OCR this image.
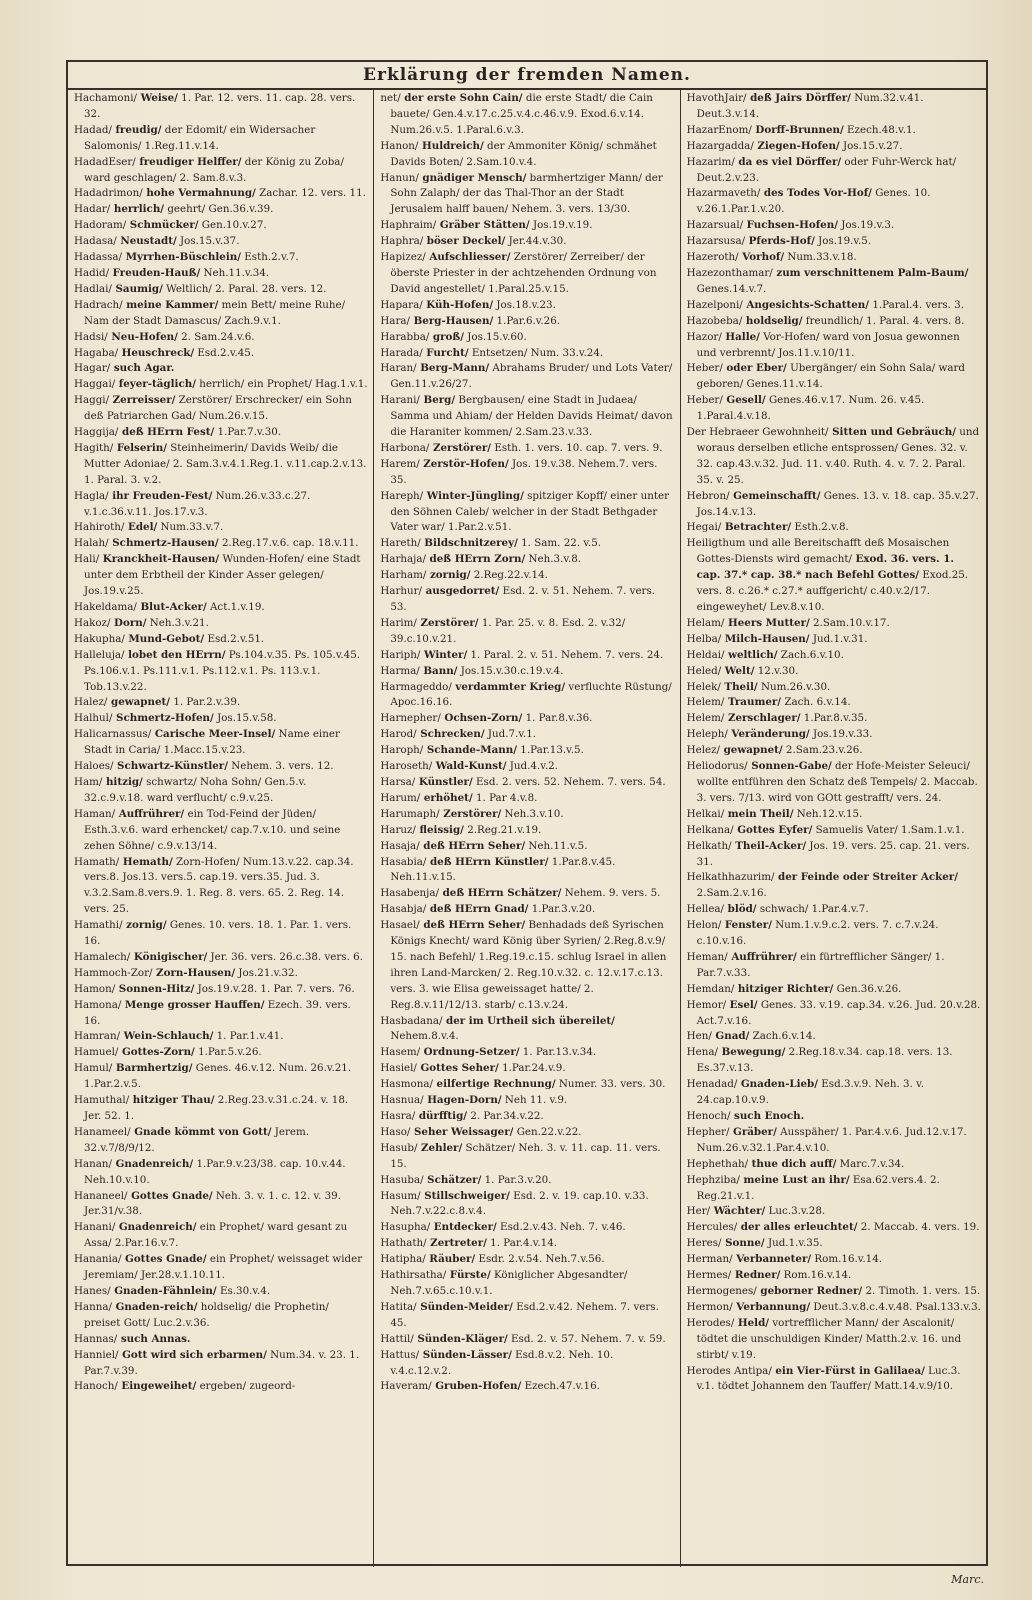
Erklärung der fremden Namen.

Hachamoni/ Weise/ 1. Par. 12. vers. 11. cap. 28. vers. 32.

Hadad/ freudig/ der Edomit/ ein Widersacher Salomonis/ 1.Reg.11.v.14.

HadadEser/ freudiger Helffer/ der König zu Zoba/ ward geschlagen/ 2. Sam.8.v.3.

Hadadrimon/ hohe Vermahnung/ Zachar. 12. vers. 11.

Hadar/ herrlich/ geehrt/ Gen.36.v.39.

Hadoram/ Schmücker/ Gen.10.v.27.

Hadasa/ Neustadt/ Jos.15.v.37.

Hadassa/ Myrrhen-Büschlein/ Esth.2.v.7.

Hadid/ Freuden-Hauß/ Neh.11.v.34.

Hadlai/ Saumig/ Weltlich/ 2. Paral. 28. vers. 12.

Hadrach/ meine Kammer/ mein Bett/ meine Ruhe/ Nam der Stadt Damascus/ Zach.9.v.1.

Hadsi/ Neu-Hofen/ 2. Sam.24.v.6.

Hagaba/ Heuschreck/ Esd.2.v.45.

Hagar/ such Agar.

Haggai/ feyer-täglich/ herrlich/ ein Prophet/ Hag.1.v.1.

Haggi/ Zerreisser/ Zerstörer/ Erschrecker/ ein Sohn deß Patriarchen Gad/ Num.26.v.15.

Haggija/ deß HErrn Fest/ 1.Par.7.v.30.

Hagith/ Felserin/ Steinheimerin/ Davids Weib/ die Mutter Adoniae/ 2. Sam.3.v.4.1.Reg.1. v.11.cap.2.v.13. 1. Paral. 3. v.2.

Hagla/ ihr Freuden-Fest/ Num.26.v.33.c.27. v.1.c.36.v.11. Jos.17.v.3.

Hahiroth/ Edel/ Num.33.v.7.

Halah/ Schmertz-Hausen/ 2.Reg.17.v.6. cap. 18.v.11.

Hali/ Kranckheit-Hausen/ Wunden-Hofen/ eine Stadt unter dem Erbtheil der Kinder Asser gelegen/ Jos.19.v.25.

Hakeldama/ Blut-Acker/ Act.1.v.19.

Hakoz/ Dorn/ Neh.3.v.21.

Hakupha/ Mund-Gebot/ Esd.2.v.51.

Halleluja/ lobet den HErrn/ Ps.104.v.35. Ps. 105.v.45. Ps.106.v.1. Ps.111.v.1. Ps.112.v.1. Ps. 113.v.1. Tob.13.v.22.

Halez/ gewapnet/ 1. Par.2.v.39.

Halhul/ Schmertz-Hofen/ Jos.15.v.58.

Halicarnassus/ Carische Meer-Insel/ Name einer Stadt in Caria/ 1.Macc.15.v.23.

Haloes/ Schwartz-Künstler/ Nehem. 3. vers. 12.

Ham/ hitzig/ schwartz/ Noha Sohn/ Gen.5.v. 32.c.9.v.18. ward verflucht/ c.9.v.25.

Haman/ Auffrührer/ ein Tod-Feind der Jüden/ Esth.3.v.6. ward erhencket/ cap.7.v.10. und seine zehen Söhne/ c.9.v.13/14.

Hamath/ Hemath/ Zorn-Hofen/ Num.13.v.22. cap.34. vers.8. Jos.13. vers.5. cap.19. vers.35. Jud. 3. v.3.2.Sam.8.vers.9. 1. Reg. 8. vers. 65. 2. Reg. 14. vers. 25.

Hamathi/ zornig/ Genes. 10. vers. 18. 1. Par. 1. vers. 16.

Hamalech/ Königischer/ Jer. 36. vers. 26.c.38. vers. 6.

Hammoch-Zor/ Zorn-Hausen/ Jos.21.v.32.

Hamon/ Sonnen-Hitz/ Jos.19.v.28. 1. Par. 7. vers. 76.

Hamona/ Menge grosser Hauffen/ Ezech. 39. vers. 16.

Hamran/ Wein-Schlauch/ 1. Par.1.v.41.

Hamuel/ Gottes-Zorn/ 1.Par.5.v.26.

Hamul/ Barmhertzig/ Genes. 46.v.12. Num. 26.v.21. 1.Par.2.v.5.

Hamuthal/ hitziger Thau/ 2.Reg.23.v.31.c.24. v. 18. Jer. 52. 1.

Hanameel/ Gnade kömmt von Gott/ Jerem. 32.v.7/8/9/12.

Hanan/ Gnadenreich/ 1.Par.9.v.23/38. cap. 10.v.44. Neh.10.v.10.

Hananeel/ Gottes Gnade/ Neh. 3. v. 1. c. 12. v. 39. Jer.31/v.38.

Hanani/ Gnadenreich/ ein Prophet/ ward gesant zu Assa/ 2.Par.16.v.7.

Hanania/ Gottes Gnade/ ein Prophet/ weissaget wider Jeremiam/ Jer.28.v.1.10.11.

Hanes/ Gnaden-Fähnlein/ Es.30.v.4.

Hanna/ Gnaden-reich/ holdselig/ die Prophetin/ preiset Gott/ Luc.2.v.36.

Hannas/ such Annas.

Hanniel/ Gott wird sich erbarmen/ Num.34. v. 23. 1. Par.7.v.39.

Hanoch/ Eingeweihet/ ergeben/ zugeord-

net/ der erste Sohn Cain/ die erste Stadt/ die Cain bauete/ Gen.4.v.17.c.25.v.4.c.46.v.9. Exod.6.v.14. Num.26.v.5. 1.Paral.6.v.3.

Hanon/ Huldreich/ der Ammoniter König/ schmähet Davids Boten/ 2.Sam.10.v.4.

Hanun/ gnädiger Mensch/ barmhertziger Mann/ der Sohn Zalaph/ der das Thal-Thor an der Stadt Jerusalem halff bauen/ Nehem. 3. vers. 13/30.

Haphraim/ Gräber Stätten/ Jos.19.v.19.

Haphra/ böser Deckel/ Jer.44.v.30.

Hapizez/ Aufschliesser/ Zerstörer/ Zerreiber/ der öberste Priester in der achtzehenden Ordnung von David angestellet/ 1.Paral.25.v.15.

Hapara/ Küh-Hofen/ Jos.18.v.23.

Hara/ Berg-Hausen/ 1.Par.6.v.26.

Harabba/ groß/ Jos.15.v.60.

Harada/ Furcht/ Entsetzen/ Num. 33.v.24.

Haran/ Berg-Mann/ Abrahams Bruder/ und Lots Vater/ Gen.11.v.26/27.

Harani/ Berg/ Bergbausen/ eine Stadt in Judaea/ Samma und Ahiam/ der Helden Davids Heimat/ davon die Haraniter kommen/ 2.Sam.23.v.33.

Harbona/ Zerstörer/ Esth. 1. vers. 10. cap. 7. vers. 9.

Harem/ Zerstör-Hofen/ Jos. 19.v.38. Nehem.7. vers. 35.

Hareph/ Winter-Jüngling/ spitziger Kopff/ einer unter den Söhnen Caleb/ welcher in der Stadt Bethgader Vater war/ 1.Par.2.v.51.

Hareth/ Bildschnitzerey/ 1. Sam. 22. v.5.

Harhaja/ deß HErrn Zorn/ Neh.3.v.8.

Harham/ zornig/ 2.Reg.22.v.14.

Harhur/ ausgedorret/ Esd. 2. v. 51. Nehem. 7. vers. 53.

Harim/ Zerstörer/ 1. Par. 25. v. 8. Esd. 2. v.32/ 39.c.10.v.21.

Hariph/ Winter/ 1. Paral. 2. v. 51. Nehem. 7. vers. 24.

Harma/ Bann/ Jos.15.v.30.c.19.v.4.

Harmageddo/ verdammter Krieg/ verfluchte Rüstung/ Apoc.16.16.

Harnepher/ Ochsen-Zorn/ 1. Par.8.v.36.

Harod/ Schrecken/ Jud.7.v.1.

Haroph/ Schande-Mann/ 1.Par.13.v.5.

Haroseth/ Wald-Kunst/ Jud.4.v.2.

Harsa/ Künstler/ Esd. 2. vers. 52. Nehem. 7. vers. 54.

Harum/ erhöhet/ 1. Par 4.v.8.

Harumaph/ Zerstörer/ Neh.3.v.10.

Haruz/ fleissig/ 2.Reg.21.v.19.

Hasaja/ deß HErrn Seher/ Neh.11.v.5.

Hasabia/ deß HErrn Künstler/ 1.Par.8.v.45. Neh.11.v.15.

Hasabenja/ deß HErrn Schätzer/ Nehem. 9. vers. 5.

Hasabja/ deß HErrn Gnad/ 1.Par.3.v.20.

Hasael/ deß HErrn Seher/ Benhadads deß Syrischen Königs Knecht/ ward König über Syrien/ 2.Reg.8.v.9/ 15. nach Befehl/ 1.Reg.19.c.15. schlug Israel in allen ihren Land-Marcken/ 2. Reg.10.v.32. c. 12.v.17.c.13. vers. 3. wie Elisa geweissaget hatte/ 2. Reg.8.v.11/12/13. starb/ c.13.v.24.

Hasbadana/ der im Urtheil sich übereilet/ Nehem.8.v.4.

Hasem/ Ordnung-Setzer/ 1. Par.13.v.34.

Hasiel/ Gottes Seher/ 1.Par.24.v.9.

Hasmona/ eilfertige Rechnung/ Numer. 33. vers. 30.

Hasnua/ Hagen-Dorn/ Neh 11. v.9.

Hasra/ dürfftig/ 2. Par.34.v.22.

Haso/ Seher Weissager/ Gen.22.v.22.

Hasub/ Zehler/ Schätzer/ Neh. 3. v. 11. cap. 11. vers. 15.

Hasuba/ Schätzer/ 1. Par.3.v.20.

Hasum/ Stillschweiger/ Esd. 2. v. 19. cap.10. v.33. Neh.7.v.22.c.8.v.4.

Hasupha/ Entdecker/ Esd.2.v.43. Neh. 7. v.46.

Hathath/ Zertreter/ 1. Par.4.v.14.

Hatipha/ Räuber/ Esdr. 2.v.54. Neh.7.v.56.

Hathirsatha/ Fürste/ Königlicher Abgesandter/ Neh.7.v.65.c.10.v.1.

Hatita/ Sünden-Meider/ Esd.2.v.42. Nehem. 7. vers. 45.

Hattil/ Sünden-Kläger/ Esd. 2. v. 57. Nehem. 7. v. 59.

Hattus/ Sünden-Lässer/ Esd.8.v.2. Neh. 10. v.4.c.12.v.2.

Haveram/ Gruben-Hofen/ Ezech.47.v.16.

HavothJair/ deß Jairs Dörffer/ Num.32.v.41. Deut.3.v.14.

HazarEnom/ Dorff-Brunnen/ Ezech.48.v.1.

Hazargadda/ Ziegen-Hofen/ Jos.15.v.27.

Hazarim/ da es viel Dörffer/ oder Fuhr-Werck hat/ Deut.2.v.23.

Hazarmaveth/ des Todes Vor-Hof/ Genes. 10. v.26.1.Par.1.v.20.

Hazarsual/ Fuchsen-Hofen/ Jos.19.v.3.

Hazarsusa/ Pferds-Hof/ Jos.19.v.5.

Hazeroth/ Vorhof/ Num.33.v.18.

Hazezonthamar/ zum verschnittenem Palm-Baum/ Genes.14.v.7.

Hazelponi/ Angesichts-Schatten/ 1.Paral.4. vers. 3.

Hazobeba/ holdselig/ freundlich/ 1. Paral. 4. vers. 8.

Hazor/ Halle/ Vor-Hofen/ ward von Josua gewonnen und verbrennt/ Jos.11.v.10/11.

Heber/ oder Eber/ Ubergänger/ ein Sohn Sala/ ward geboren/ Genes.11.v.14.

Heber/ Gesell/ Genes.46.v.17. Num. 26. v.45. 1.Paral.4.v.18.

Der Hebraeer Gewohnheit/ Sitten und Gebräuch/ und woraus derselben etliche entsprossen/ Genes. 32. v. 32. cap.43.v.32. Jud. 11. v.40. Ruth. 4. v. 7. 2. Paral. 35. v. 25.

Hebron/ Gemeinschafft/ Genes. 13. v. 18. cap. 35.v.27. Jos.14.v.13.

Hegai/ Betrachter/ Esth.2.v.8.

Heiligthum und alle Bereitschafft deß Mosaischen Gottes-Diensts wird gemacht/ Exod. 36. vers. 1. cap. 37.* cap. 38.* nach Befehl Gottes/ Exod.25. vers. 8. c.26.* c.27.* auffgericht/ c.40.v.2/17. eingeweyhet/ Lev.8.v.10.

Helam/ Heers Mutter/ 2.Sam.10.v.17.

Helba/ Milch-Hausen/ Jud.1.v.31.

Heldai/ weltlich/ Zach.6.v.10.

Heled/ Welt/ 12.v.30.

Helek/ Theil/ Num.26.v.30.

Helem/ Traumer/ Zach. 6.v.14.

Helem/ Zerschlager/ 1.Par.8.v.35.

Heleph/ Veränderung/ Jos.19.v.33.

Helez/ gewapnet/ 2.Sam.23.v.26.

Heliodorus/ Sonnen-Gabe/ der Hofe-Meister Seleuci/ wollte entführen den Schatz deß Tempels/ 2. Maccab. 3. vers. 7/13. wird von GOtt gestrafft/ vers. 24.

Helkai/ mein Theil/ Neh.12.v.15.

Helkana/ Gottes Eyfer/ Samuelis Vater/ 1.Sam.1.v.1.

Helkath/ Theil-Acker/ Jos. 19. vers. 25. cap. 21. vers. 31.

Helkathhazurim/ der Feinde oder Streiter Acker/ 2.Sam.2.v.16.

Hellea/ blöd/ schwach/ 1.Par.4.v.7.

Helon/ Fenster/ Num.1.v.9.c.2. vers. 7. c.7.v.24. c.10.v.16.

Heman/ Auffrührer/ ein fürtrefflicher Sänger/ 1. Par.7.v.33.

Hemdan/ hitziger Richter/ Gen.36.v.26.

Hemor/ Esel/ Genes. 33. v.19. cap.34. v.26. Jud. 20.v.28. Act.7.v.16.

Hen/ Gnad/ Zach.6.v.14.

Hena/ Bewegung/ 2.Reg.18.v.34. cap.18. vers. 13. Es.37.v.13.

Henadad/ Gnaden-Lieb/ Esd.3.v.9. Neh. 3. v. 24.cap.10.v.9.

Henoch/ such Enoch.

Hepher/ Gräber/ Ausspäher/ 1. Par.4.v.6. Jud.12.v.17. Num.26.v.32.1.Par.4.v.10.

Hephethah/ thue dich auff/ Marc.7.v.34.

Hephziba/ meine Lust an ihr/ Esa.62.vers.4. 2. Reg.21.v.1.

Her/ Wächter/ Luc.3.v.28.

Hercules/ der alles erleuchtet/ 2. Maccab. 4. vers. 19.

Heres/ Sonne/ Jud.1.v.35.

Herman/ Verbanneter/ Rom.16.v.14.

Hermes/ Redner/ Rom.16.v.14.

Hermogenes/ geborner Redner/ 2. Timoth. 1. vers. 15.

Hermon/ Verbannung/ Deut.3.v.8.c.4.v.48. Psal.133.v.3.

Herodes/ Held/ vortrefflicher Mann/ der Ascalonit/ tödtet die unschuldigen Kinder/ Matth.2.v. 16. und stirbt/ v.19.

Herodes Antipa/ ein Vier-Fürst in Galilaea/ Luc.3. v.1. tödtet Johannem den Tauffer/ Matt.14.v.9/10.

Marc.
